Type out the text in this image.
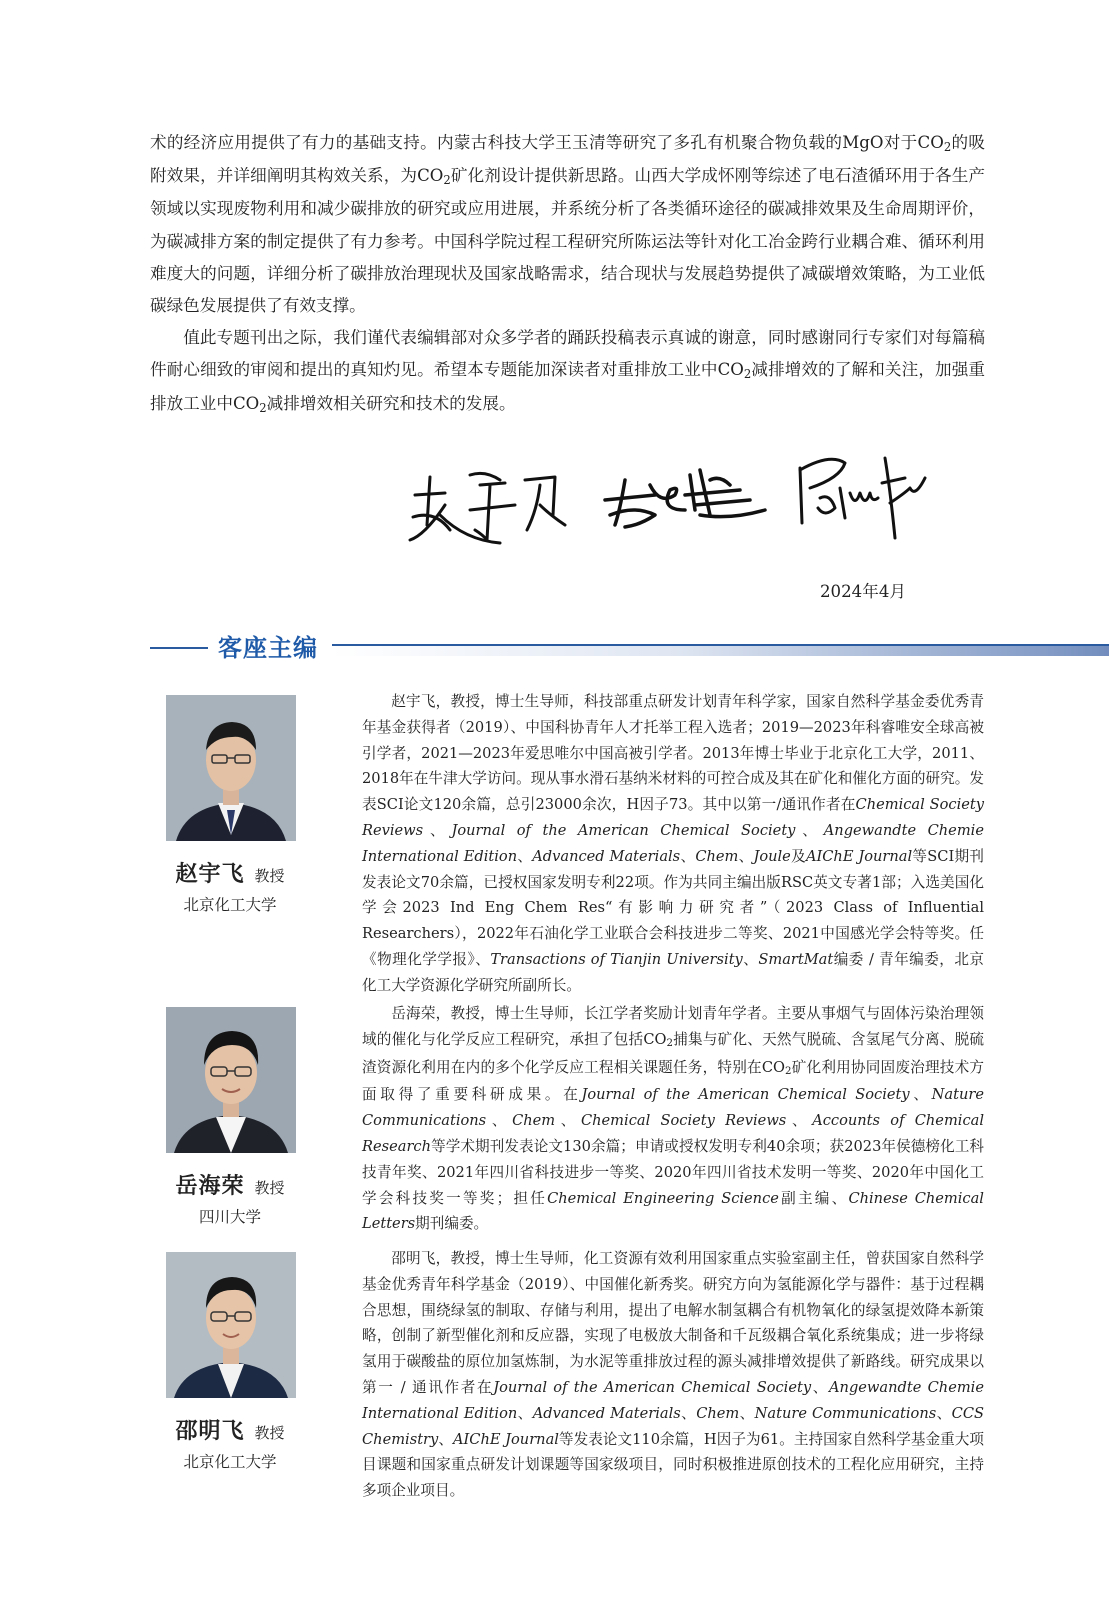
术的经济应用提供了有力的基础支持。内蒙古科技大学王玉清等研究了多孔有机聚合物负载的MgO对于$CO_2$的吸附效果，并详细阐明其构效关系，为$CO_2$矿化剂设计提供新思路。山西大学成怀刚等综述了电石渣循环用于各生产领域以实现废物利用和减少碳排放的研究或应用进展，并系统分析了各类循环途径的碳减排效果及生命周期评价，为碳减排方案的制定提供了有力参考。中国科学院过程工程研究所陈运法等针对化工冶金跨行业耦合难、循环利用难度大的问题，详细分析了碳排放治理现状及国家战略需求，结合现状与发展趋势提供了减碳增效策略，为工业低碳绿色发展提供了有效支撑。

值此专题刊出之际，我们谨代表编辑部对众多学者的踊跃投稿表示真诚的谢意，同时感谢同行专家们对每篇稿件耐心细致的审阅和提出的真知灼见。希望本专题能加深读者对重排放工业中$CO_2$减排增效的了解和关注，加强重排放工业中$CO_2$减排增效相关研究和技术的发展。

2024年4月
客座主编
赵宇飞 教授
北京化工大学
赵宇飞，教授，博士生导师，科技部重点研发计划青年科学家，国家自然科学基金委优秀青年基金获得者（2019）、中国科协青年人才托举工程入选者；2019—2023年科睿唯安全球高被引学者，2021—2023年爱思唯尔中国高被引学者。2013年博士毕业于北京化工大学，2011、2018年在牛津大学访问。现从事水滑石基纳米材料的可控合成及其在矿化和催化方面的研究。发表SCI论文120余篇，总引23000余次，H因子73。其中以第一/通讯作者在Chemical Society Reviews、Journal of the American Chemical Society、Angewandte Chemie International Edition、Advanced Materials、Chem、Joule及AIChE Journal等SCI期刊发表论文70余篇，已授权国家发明专利22项。作为共同主编出版RSC英文专著1部；入选美国化学会2023 Ind Eng Chem Res“有影响力研究者”（2023 Class of Influential Researchers），2022年石油化学工业联合会科技进步二等奖、2021中国感光学会特等奖。任《物理化学学报》、Transactions of Tianjin University、SmartMat编委 / 青年编委，北京化工大学资源化学研究所副所长。
岳海荣 教授
四川大学
岳海荣，教授，博士生导师，长江学者奖励计划青年学者。主要从事烟气与固体污染治理领域的催化与化学反应工程研究，承担了包括$CO_2$捕集与矿化、天然气脱硫、含氢尾气分离、脱硫渣资源化利用在内的多个化学反应工程相关课题任务，特别在$CO_2$矿化利用协同固废治理技术方面取得了重要科研成果。在Journal of the American Chemical Society、Nature Communications、Chem、Chemical Society Reviews、Accounts of Chemical Research等学术期刊发表论文130余篇；申请或授权发明专利40余项；获2023年侯德榜化工科技青年奖、2021年四川省科技进步一等奖、2020年四川省技术发明一等奖、2020年中国化工学会科技奖一等奖；担任Chemical Engineering Science副主编、Chinese Chemical Letters期刊编委。
邵明飞 教授
北京化工大学
邵明飞，教授，博士生导师，化工资源有效利用国家重点实验室副主任，曾获国家自然科学基金优秀青年科学基金（2019）、中国催化新秀奖。研究方向为氢能源化学与器件：基于过程耦合思想，围绕绿氢的制取、存储与利用，提出了电解水制氢耦合有机物氧化的绿氢提效降本新策略，创制了新型催化剂和反应器，实现了电极放大制备和千瓦级耦合氧化系统集成；进一步将绿氢用于碳酸盐的原位加氢炼制，为水泥等重排放过程的源头减排增效提供了新路线。研究成果以第一 / 通讯作者在Journal of the American Chemical Society、Angewandte Chemie International Edition、Advanced Materials、Chem、Nature Communications、CCS Chemistry、AIChE Journal等发表论文110余篇，H因子为61。主持国家自然科学基金重大项目课题和国家重点研发计划课题等国家级项目，同时积极推进原创技术的工程化应用研究，主持多项企业项目。
